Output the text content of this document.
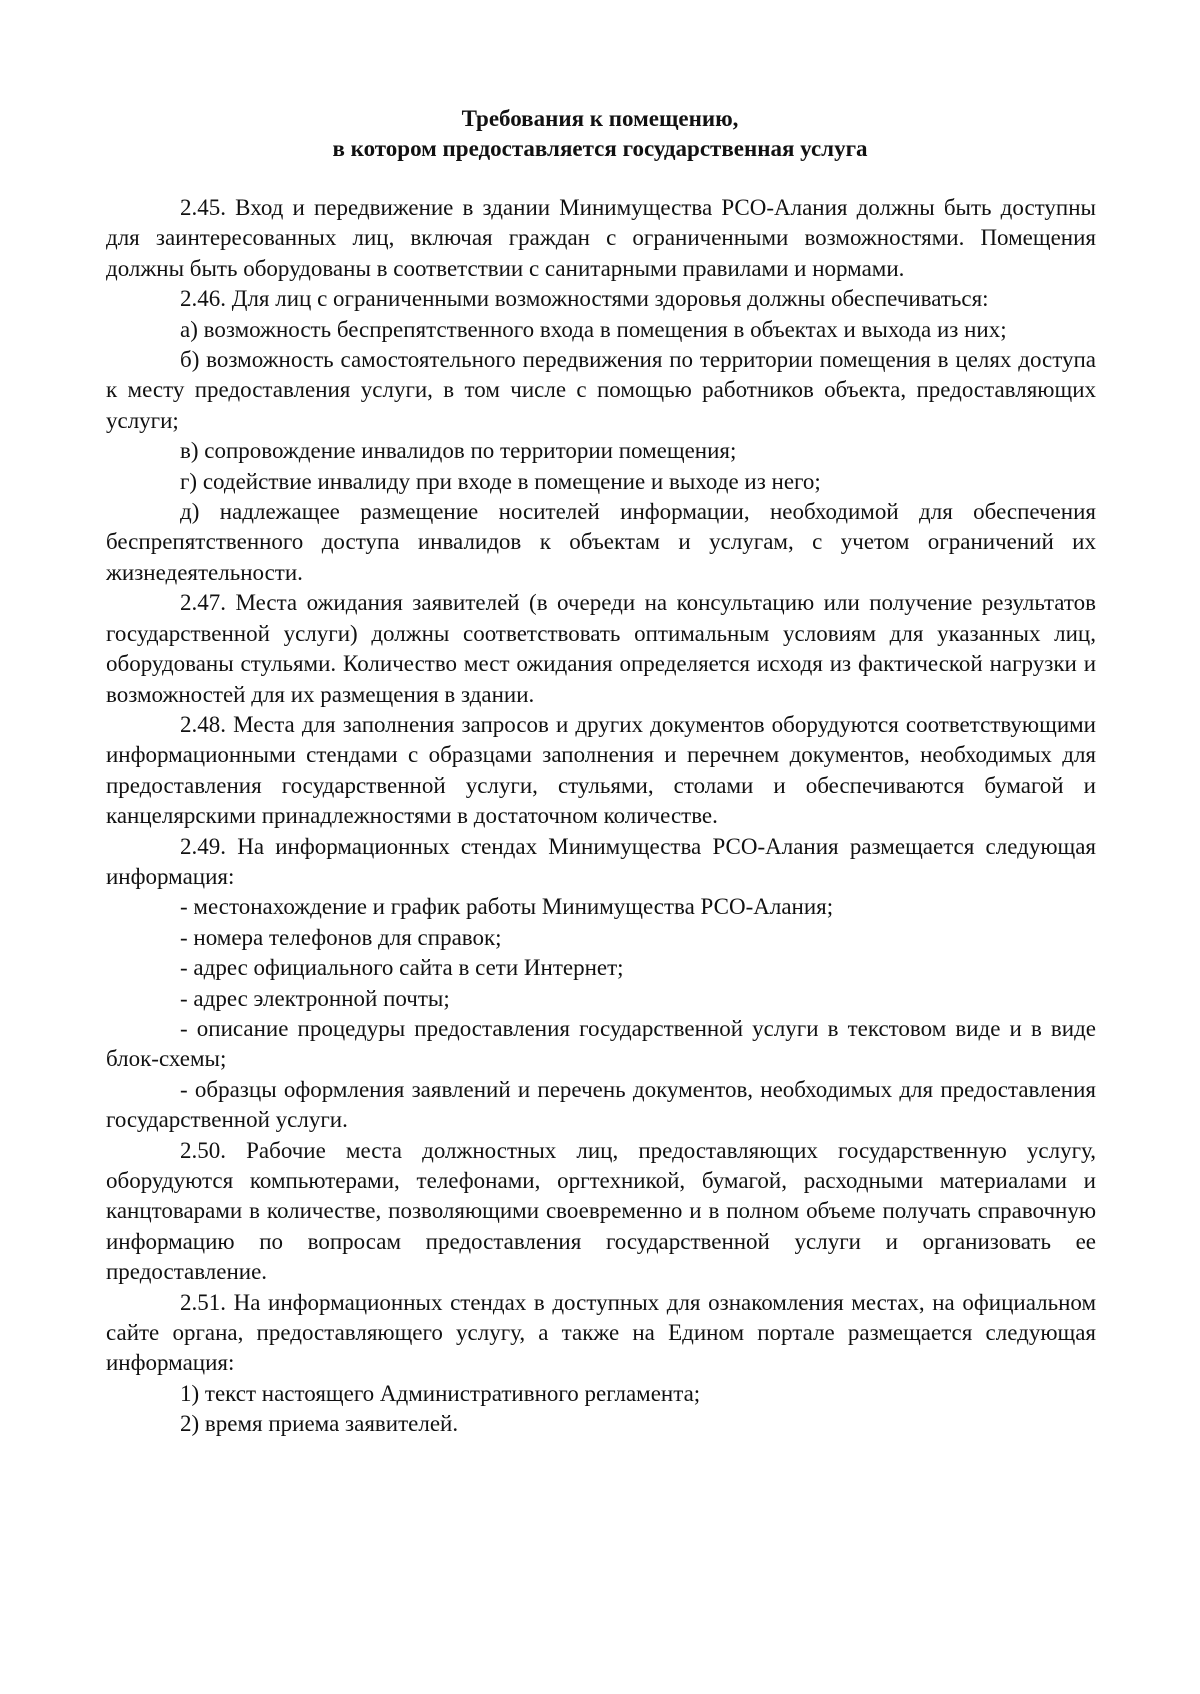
Требования к помещению,
в котором предоставляется государственная услуга

2.45. Вход и передвижение в здании Минимущества РСО-Алания должны быть доступны для заинтересованных лиц, включая граждан с ограниченными возможностями. Помещения должны быть оборудованы в соответствии с санитарными правилами и нормами.

2.46. Для лиц с ограниченными возможностями здоровья должны обеспечиваться:

а) возможность беспрепятственного входа в помещения в объектах и выхода из них;

б) возможность самостоятельного передвижения по территории помещения в целях доступа к месту предоставления услуги, в том числе с помощью работников объекта, предоставляющих услуги;

в) сопровождение инвалидов по территории помещения;

г) содействие инвалиду при входе в помещение и выходе из него;

д) надлежащее размещение носителей информации, необходимой для обеспечения беспрепятственного доступа инвалидов к объектам и услугам, с учетом ограничений их жизнедеятельности.

2.47. Места ожидания заявителей (в очереди на консультацию или получение результатов государственной услуги) должны соответствовать оптимальным условиям для указанных лиц, оборудованы стульями. Количество мест ожидания определяется исходя из фактической нагрузки и возможностей для их размещения в здании.

2.48. Места для заполнения запросов и других документов оборудуются соответствующими информационными стендами с образцами заполнения и перечнем документов, необходимых для предоставления государственной услуги, стульями, столами и обеспечиваются бумагой и канцелярскими принадлежностями в достаточном количестве.

2.49. На информационных стендах Минимущества РСО-Алания размещается следующая информация:

- местонахождение и график работы Минимущества РСО-Алания;

- номера телефонов для справок;

- адрес официального сайта в сети Интернет;

- адрес электронной почты;

- описание процедуры предоставления государственной услуги в текстовом виде и в виде блок-схемы;

- образцы оформления заявлений и перечень документов, необходимых для предоставления государственной услуги.

2.50. Рабочие места должностных лиц, предоставляющих государственную услугу, оборудуются компьютерами, телефонами, оргтехникой, бумагой, расходными материалами и канцтоварами в количестве, позволяющими своевременно и в полном объеме получать справочную информацию по вопросам предоставления государственной услуги и организовать ее предоставление.

2.51. На информационных стендах в доступных для ознакомления местах, на официальном сайте органа, предоставляющего услугу, а также на Едином портале размещается следующая информация:

1) текст настоящего Административного регламента;

2) время приема заявителей.
